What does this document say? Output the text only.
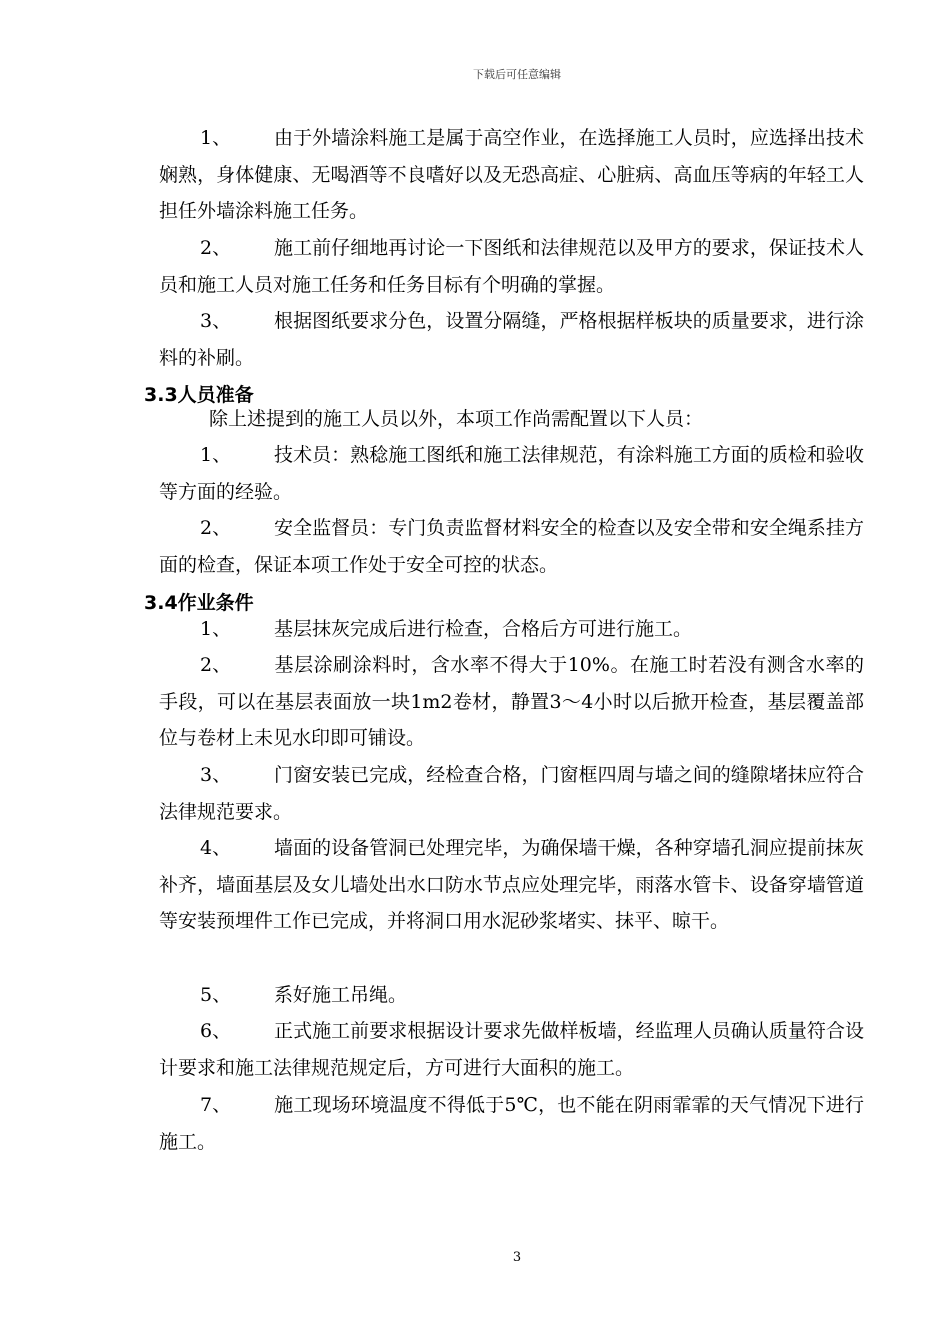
下载后可任意编辑
1、 由于外墙涂料施工是属于高空作业，在选择施工人员时，应选择出技术娴熟，身体健康、无喝酒等不良嗜好以及无恐高症、心脏病、高血压等病的年轻工人担任外墙涂料施工任务。
2、 施工前仔细地再讨论一下图纸和法律规范以及甲方的要求，保证技术人员和施工人员对施工任务和任务目标有个明确的掌握。
3、 根据图纸要求分色，设置分隔缝，严格根据样板块的质量要求，进行涂料的补刷。
3.3人员准备
除上述提到的施工人员以外，本项工作尚需配置以下人员：
1、 技术员：熟稔施工图纸和施工法律规范，有涂料施工方面的质检和验收等方面的经验。
2、 安全监督员：专门负责监督材料安全的检查以及安全带和安全绳系挂方面的检查，保证本项工作处于安全可控的状态。
3.4作业条件
1、 基层抹灰完成后进行检查，合格后方可进行施工。
2、 基层涂刷涂料时，含水率不得大于10%。在施工时若没有测含水率的手段，可以在基层表面放一块1m2卷材，静置3～4小时以后掀开检查，基层覆盖部位与卷材上未见水印即可铺设。
3、 门窗安装已完成，经检查合格，门窗框四周与墙之间的缝隙堵抹应符合法律规范要求。
4、 墙面的设备管洞已处理完毕，为确保墙干燥，各种穿墙孔洞应提前抹灰补齐，墙面基层及女儿墙处出水口防水节点应处理完毕，雨落水管卡、设备穿墙管道等安装预埋件工作已完成，并将洞口用水泥砂浆堵实、抹平、晾干。
5、 系好施工吊绳。
6、 正式施工前要求根据设计要求先做样板墙，经监理人员确认质量符合设计要求和施工法律规范规定后，方可进行大面积的施工。
7、 施工现场环境温度不得低于5℃，也不能在阴雨霏霏的天气情况下进行施工。
3
